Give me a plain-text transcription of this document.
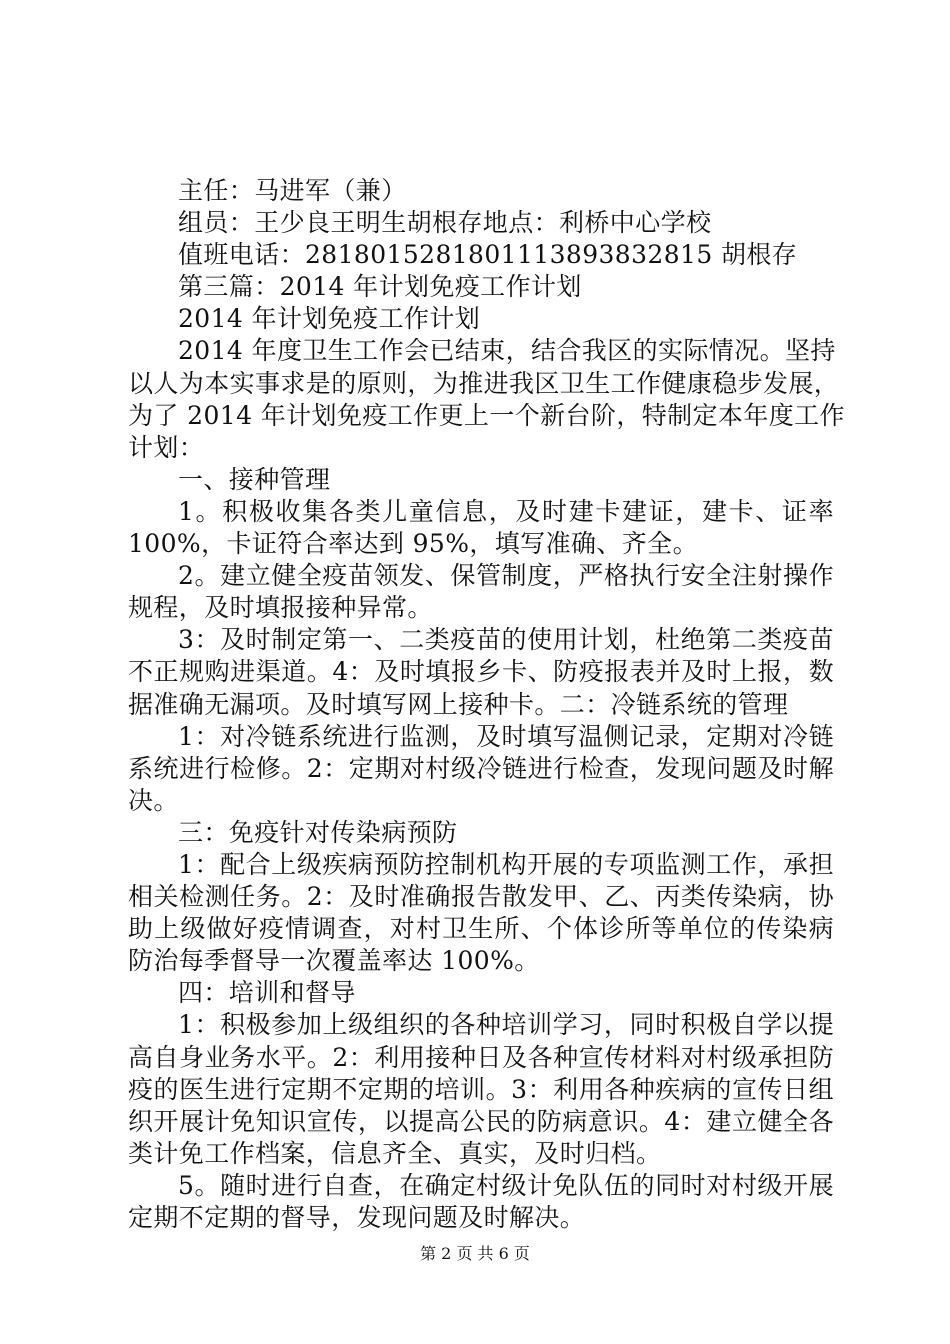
主任：马进军（兼）
组员：王少良王明生胡根存地点：利桥中心学校
值班电话：2818015281801113893832815 胡根存
第三篇：2014 年计划免疫工作计划
2014 年计划免疫工作计划
2014 年度卫生工作会已结束，结合我区的实际情况。坚持
以人为本实事求是的原则，为推进我区卫生工作健康稳步发展，
为了 2014 年计划免疫工作更上一个新台阶，特制定本年度工作
计划：
一、接种管理
1。积极收集各类儿童信息，及时建卡建证，建卡、证率
100%，卡证符合率达到 95%，填写准确、齐全。
2。建立健全疫苗领发、保管制度，严格执行安全注射操作
规程，及时填报接种异常。
3：及时制定第一、二类疫苗的使用计划，杜绝第二类疫苗
不正规购进渠道。4：及时填报乡卡、防疫报表并及时上报，数
据准确无漏项。及时填写网上接种卡。二：冷链系统的管理
1：对冷链系统进行监测，及时填写温侧记录，定期对冷链
系统进行检修。2：定期对村级冷链进行检查，发现问题及时解
决。
三：免疫针对传染病预防
1：配合上级疾病预防控制机构开展的专项监测工作，承担
相关检测任务。2：及时准确报告散发甲、乙、丙类传染病，协
助上级做好疫情调查，对村卫生所、个体诊所等单位的传染病
防治每季督导一次覆盖率达 100%。
四：培训和督导
1：积极参加上级组织的各种培训学习，同时积极自学以提
高自身业务水平。2：利用接种日及各种宣传材料对村级承担防
疫的医生进行定期不定期的培训。3：利用各种疾病的宣传日组
织开展计免知识宣传，以提高公民的防病意识。4：建立健全各
类计免工作档案，信息齐全、真实，及时归档。
5。随时进行自查，在确定村级计免队伍的同时对村级开展
定期不定期的督导，发现问题及时解决。
第 2 页 共 6 页
